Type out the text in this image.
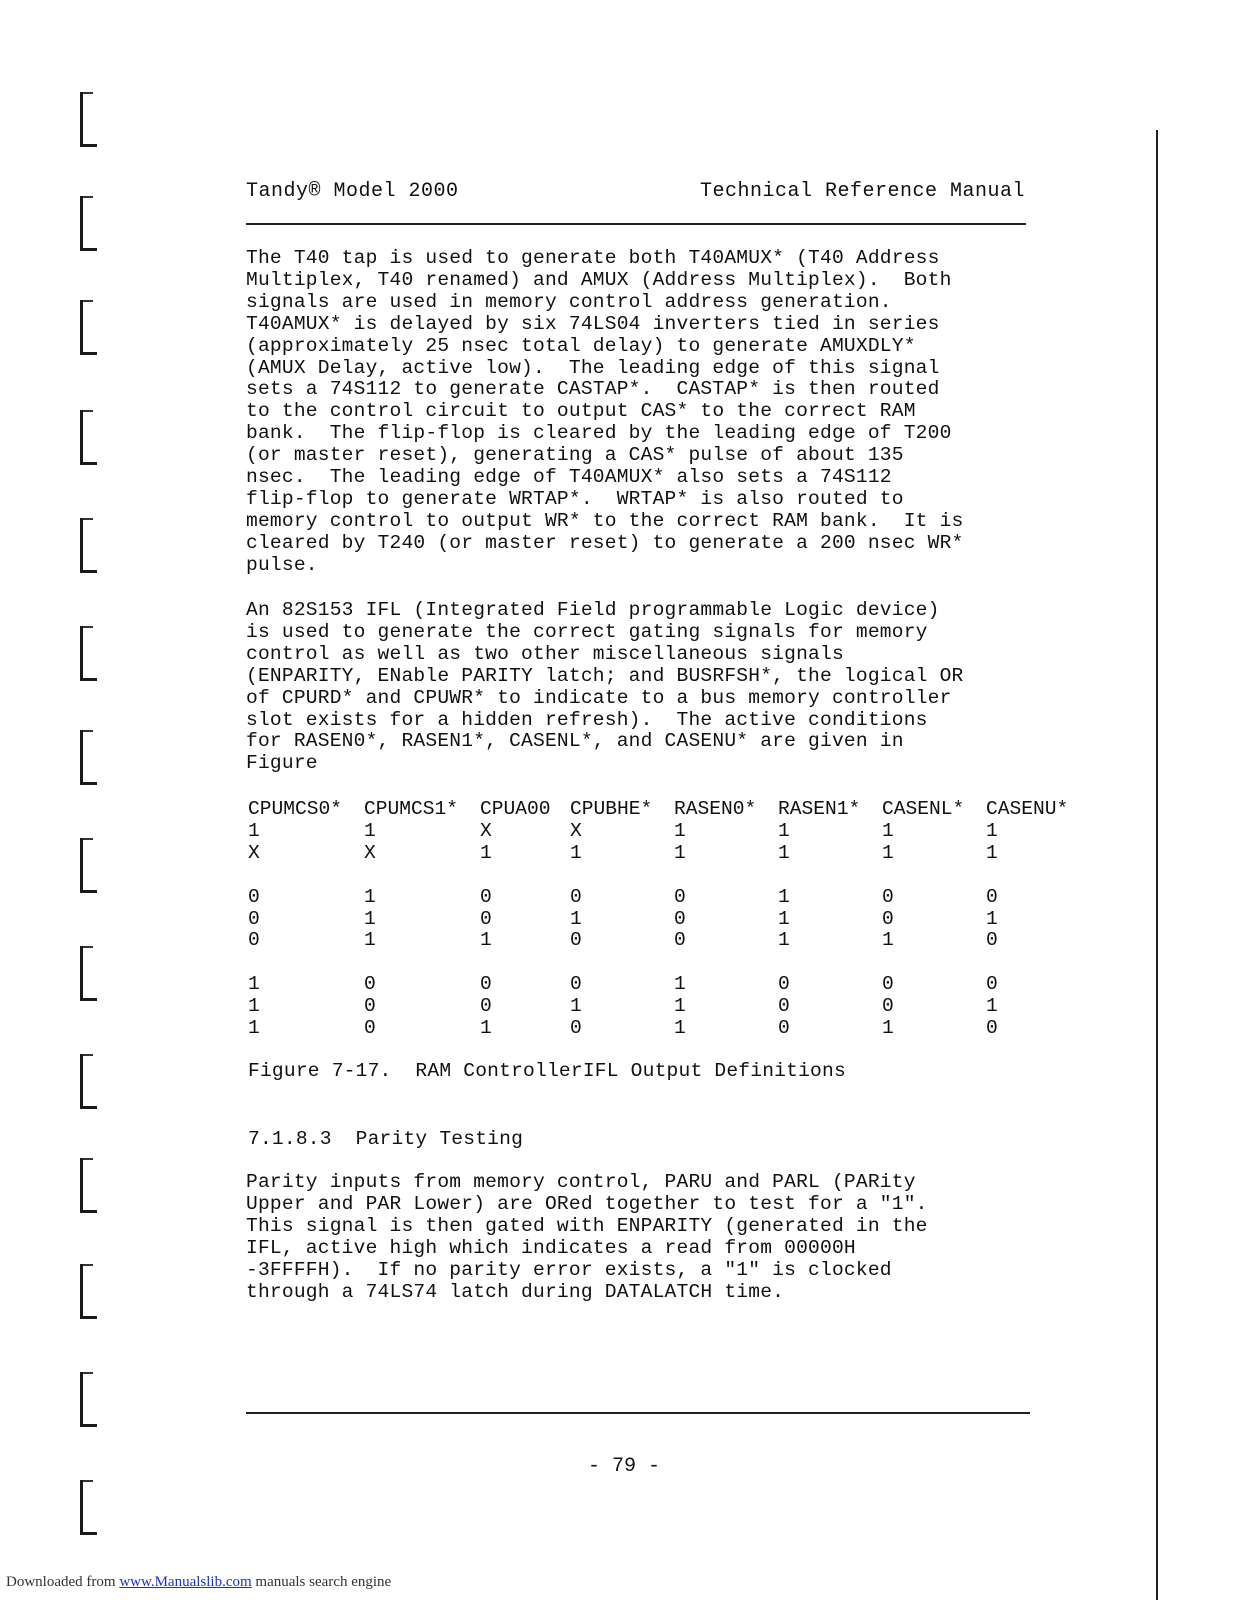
Tandy® Model 2000	Technical Reference Manual
The T40 tap is used to generate both T40AMUX* (T40 Address
Multiplex, T40 renamed) and AMUX (Address Multiplex).  Both
signals are used in memory control address generation.
T40AMUX* is delayed by six 74LS04 inverters tied in series
(approximately 25 nsec total delay) to generate AMUXDLY*
(AMUX Delay, active low).  The leading edge of this signal
sets a 74S112 to generate CASTAP*.  CASTAP* is then routed
to the control circuit to output CAS* to the correct RAM
bank.  The flip-flop is cleared by the leading edge of T200
(or master reset), generating a CAS* pulse of about 135
nsec.  The leading edge of T40AMUX* also sets a 74S112
flip-flop to generate WRTAP*.  WRTAP* is also routed to
memory control to output WR* to the correct RAM bank.  It is
cleared by T240 (or master reset) to generate a 200 nsec WR*
pulse.
An 82S153 IFL (Integrated Field programmable Logic device)
is used to generate the correct gating signals for memory
control as well as two other miscellaneous signals
(ENPARITY, ENable PARITY latch; and BUSRFSH*, the logical OR
of CPURD* and CPUWR* to indicate to a bus memory controller
slot exists for a hidden refresh).  The active conditions
for RASEN0*, RASEN1*, CASENL*, and CASENU* are given in
Figure
CPUMCS0*	CPUMCS1*	CPUA00	CPUBHE*	RASEN0*	RASEN1*	CASENL*	CASENU*
1	1	X	X	1	1	1	1
X	X	1	1	1	1	1	1

0	1	0	0	0	1	0	0
0	1	0	1	0	1	0	1
0	1	1	0	0	1	1	0

1	0	0	0	1	0	0	0
1	0	0	1	1	0	0	1
1	0	1	0	1	0	1	0
Figure 7-17.  RAM ControllerIFL Output Definitions
7.1.8.3  Parity Testing
Parity inputs from memory control, PARU and PARL (PARity
Upper and PAR Lower) are ORed together to test for a "1".
This signal is then gated with ENPARITY (generated in the
IFL, active high which indicates a read from 00000H
-3FFFFH).  If no parity error exists, a "1" is clocked
through a 74LS74 latch during DATALATCH time.
- 79 -
Downloaded from www.Manualslib.com manuals search engine
